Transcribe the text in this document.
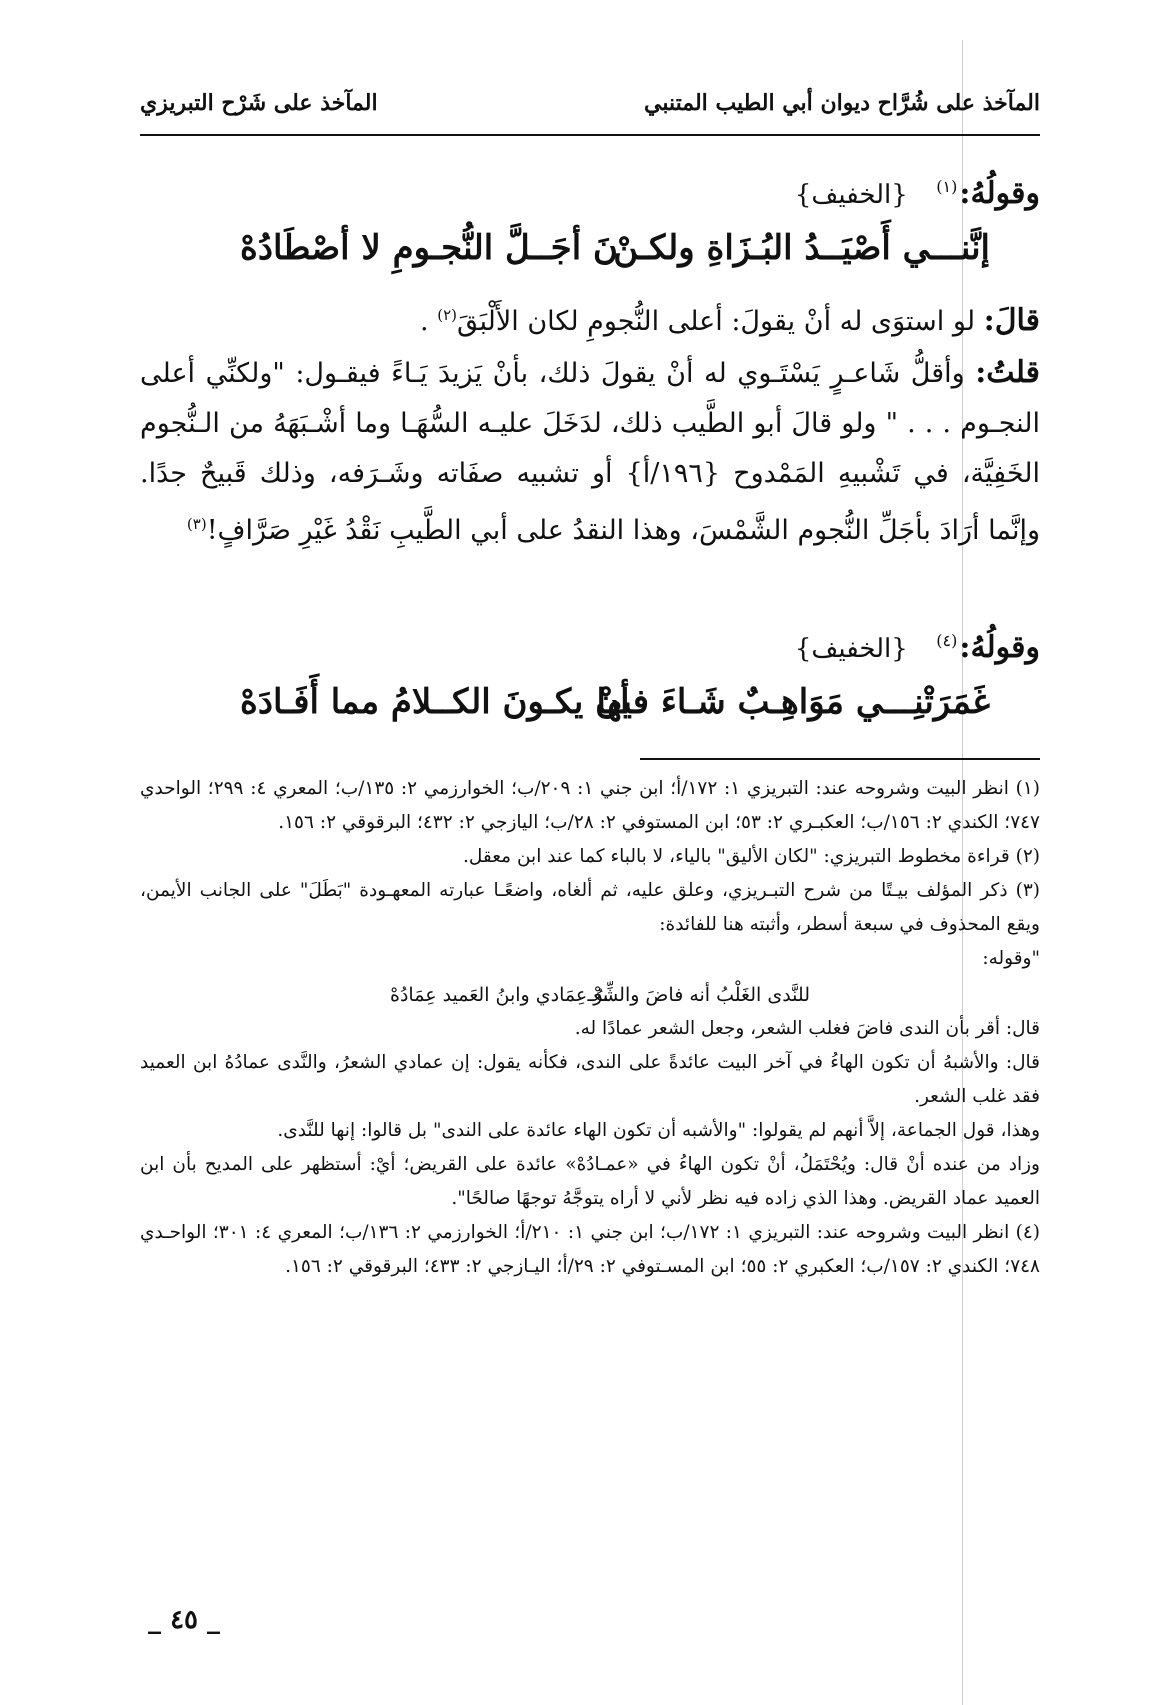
المآخذ على شُرَّاح ديوان أبي الطيب المتنبي
المآخذ على شَرْح التبريزي
وقولُهُ:$^{(١)}$ {الخفيف}
إنَّنـــي أَصْيَــدُ البُـزَاةِ ولكـنْ
نَ أجَــلَّ النُّجـومِ لا أصْطَادُهْ
قالَ: لو استوَى له أنْ يقولَ: أعلى النُّجومِ لكان الأَلْبَقَ$^{(٢)}$ .
قلتُ: وأقلُّ شَاعـرٍ يَسْتَـوي له أنْ يقولَ ذلك، بأنْ يَزيدَ يَـاءً فيقـول: "ولكنِّي أعلى النجـوم . . . " ولو قالَ أبو الطَّيب ذلك، لدَخَلَ عليـه السُّهَـا وما أشْـبَهَهُ من الـنُّجوم الخَفِيَّة، في تَشْبيهِ المَمْدوح {١٩٦/أ} أو تشبيه صفَاته وشَـرَفه، وذلك قَبيحٌ جدًا. وإنَّما أرَادَ بأجَلِّ النُّجوم الشَّمْسَ، وهذا النقدُ على أبي الطَّيبِ نَقْدُ غَيْرِ صَرَّافٍ!$^{(٣)}$
وقولُهُ:$^{(٤)}$ {الخفيف}
غَمَرَتْنِـــي مَوَاهِـبٌ شَـاءَ فيها
أنْ يكـونَ الكــلامُ مما أَفَـادَهْ

(١) انظر البيت وشروحه عند: التبريزي ١: ١٧٢/أ؛ ابن جني ١: ٢٠٩/ب؛ الخوارزمي ٢: ١٣٥/ب؛ المعري ٤: ٢٩٩؛ الواحدي ٧٤٧؛ الكندي ٢: ١٥٦/ب؛ العكبـري ٢: ٥٣؛ ابن المستوفي ٢: ٢٨/ب؛ اليازجي ٢: ٤٣٢؛ البرقوقي ٢: ١٥٦.

(٢) قراءة مخطوط التبريزي: "لكان الأليق" بالياء، لا بالباء كما عند ابن معقل.

(٣) ذكر المؤلف بيـتًا من شرح التبـريزي، وعلق عليه، ثم ألغاه، واضعًـا عبارته المعهـودة "بَطَلَ" على الجانب الأيمن، ويقع المحذوف في سبعة أسطر، وأثبته هنا للفائدة:

"وقوله:

للنَّدى الغَلْبُ أنه فاضَ والشِّعْـ
ـرُ عِمَادي وابنُ العَميد عِمَادُهْ

قال: أقر بأن الندى فاضَ فغلب الشعر، وجعل الشعر عمادًا له.

قال: والأشبهُ أن تكون الهاءُ في آخر البيت عائدةً على الندى، فكأنه يقول: إن عمادي الشعرُ، والنَّدى عمادُهُ ابن العميد فقد غلب الشعر.

وهذا، قول الجماعة، إلاَّ أنهم لم يقولوا: "والأشبه أن تكون الهاء عائدة على الندى" بل قالوا: إنها للنَّدى.

وزاد من عنده أنْ قال: ويُحْتَمَلُ، أنْ تكون الهاءُ في «عمـادُهْ» عائدة على القريض؛ أيْ: أستظهر على المديح بأن ابن العميد عماد القريض. وهذا الذي زاده فيه نظر لأني لا أراه يتوجَّهُ توجهًا صالحًا".

(٤) انظر البيت وشروحه عند: التبريزي ١: ١٧٢/ب؛ ابن جني ١: ٢١٠/أ؛ الخوارزمي ٢: ١٣٦/ب؛ المعري ٤: ٣٠١؛ الواحـدي ٧٤٨؛ الكندي ٢: ١٥٧/ب؛ العكبري ٢: ٥٥؛ ابن المسـتوفي ٢: ٢٩/أ؛ اليـازجي ٢: ٤٣٣؛ البرقوقي ٢: ١٥٦.

_ ٤٥ _
